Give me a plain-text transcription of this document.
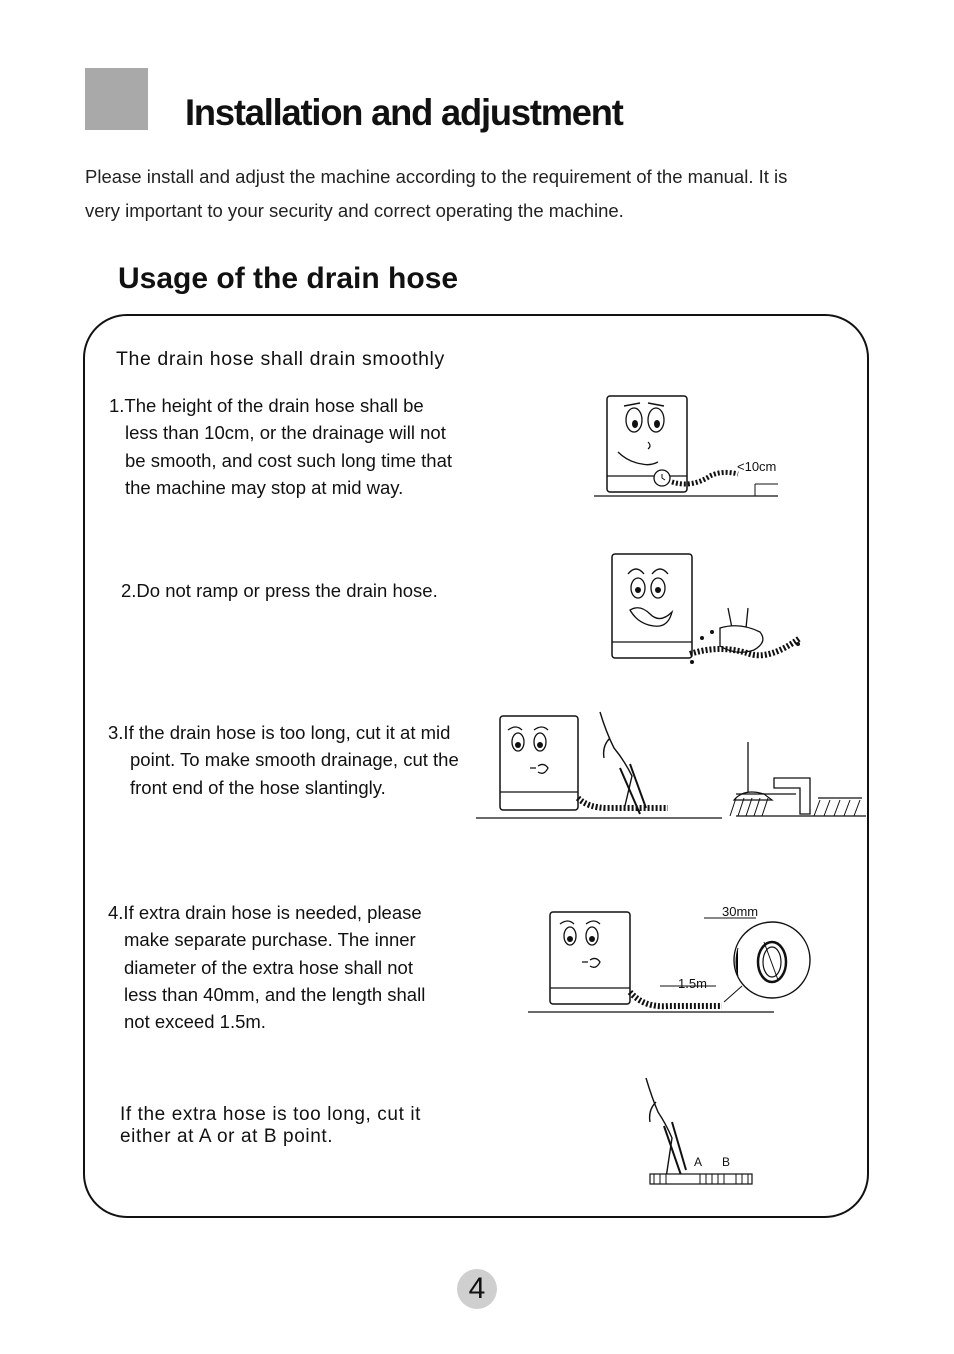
Installation and adjustment
Please install and adjust the machine according to the requirement of the manual. It is
very important to your security and correct operating the machine.
Usage of the drain hose
The drain hose shall drain smoothly
1.The height of the drain hose shall be
less than 10cm, or the drainage will not
be smooth, and cost such long time that
the machine may stop at mid way.
2.Do not ramp or press the drain hose.
3.If the drain hose is too long, cut it at mid
point. To make smooth drainage, cut the
front end of the hose slantingly.
4.If extra drain hose is needed, please
make separate purchase. The inner
diameter of the extra hose shall not
less than 40mm, and the length shall
not exceed 1.5m.
If the extra hose is too long, cut it
either at A or at B point.
<10cm
30mm
1.5m
A B
4
